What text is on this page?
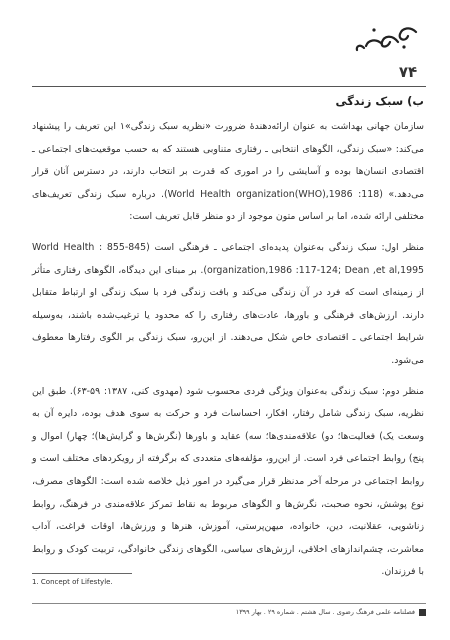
۷۴
ب) سبک زندگی

سازمان جهانی بهداشت به عنوان ارائه‌دهندۀ ضرورت «نظریه سبک زندگی»۱ این تعریف را پیشنهاد می‌کند: «سبک زندگی، الگوهای انتخابی ـ رفتاری متناوبی هستند که به حسب موقعیت‌های اجتماعی ـ اقتصادی انسان‌ها بوده و آسایشی را در اموری که قدرت بر انتخاب دارند، در دسترس آنان قرار می‌دهد.» (World Health organization(WHO),1986 :118). درباره سبک زندگی تعریف‌های مختلفی ارائه شده، اما بر اساس متون موجود از دو منظر قابل تعریف است:

منظر اول: سبک زندگی به‌عنوان پدیده‌ای اجتماعی ـ فرهنگی است (845-855 : World Health organization,1986 :117-124; Dean ,et al,1995). بر مبنای این دیدگاه، الگوهای رفتاری متأثر از زمینه‌ای است که فرد در آن زندگی می‌کند و بافت زندگی فرد با سبک زندگی او ارتباط متقابل دارند. ارزش‌های فرهنگی و باورها، عادت‌های رفتاری را که محدود یا ترغیب‌شده باشند، به‌وسیله شرایط اجتماعی ـ اقتصادی خاص شکل می‌دهند. از این‌رو، سبک زندگی بر الگوی رفتارها معطوف می‌شود.

منظر دوم: سبک زندگی به‌عنوان ویژگی فردی محسوب شود (مهدوی کنی، ۱۳۸۷: ۵۹-۶۳). طبق این نظریه، سبک زندگی شامل رفتار، افکار، احساسات فرد و حرکت به سوی هدف بوده، دایره آن به وسعت یک) فعالیت‌ها؛ دو) علاقه‌مندی‌ها؛ سه) عقاید و باورها (نگرش‌ها و گرایش‌ها)؛ چهار) اموال و پنج) روابط اجتماعی فرد است. از این‌رو، مؤلفه‌های متعددی که برگرفته از رویکردهای مختلف است و روابط اجتماعی در مرحله آخر مدنظر قرار می‌گیرد در امور ذیل خلاصه شده است: الگوهای مصرف، نوع پوشش، نحوه صحبت، نگرش‌ها و الگوهای مربوط به نقاط تمرکز علاقه‌مندی در فرهنگ، روابط زناشویی، عقلانیت، دین، خانواده، میهن‌پرستی، آموزش، هنرها و ورزش‌ها، اوقات فراغت، آداب معاشرت، چشم‌اندازهای اخلاقی، ارزش‌های سیاسی، الگوهای زندگی خانوادگی، تربیت کودک و روابط با فرزندان.

1. Concept of Lifestyle.
فصلنامه علمی فرهنگ رضوی . سال هشتم . شماره ۲۹ . بهار ۱۳۹۹
